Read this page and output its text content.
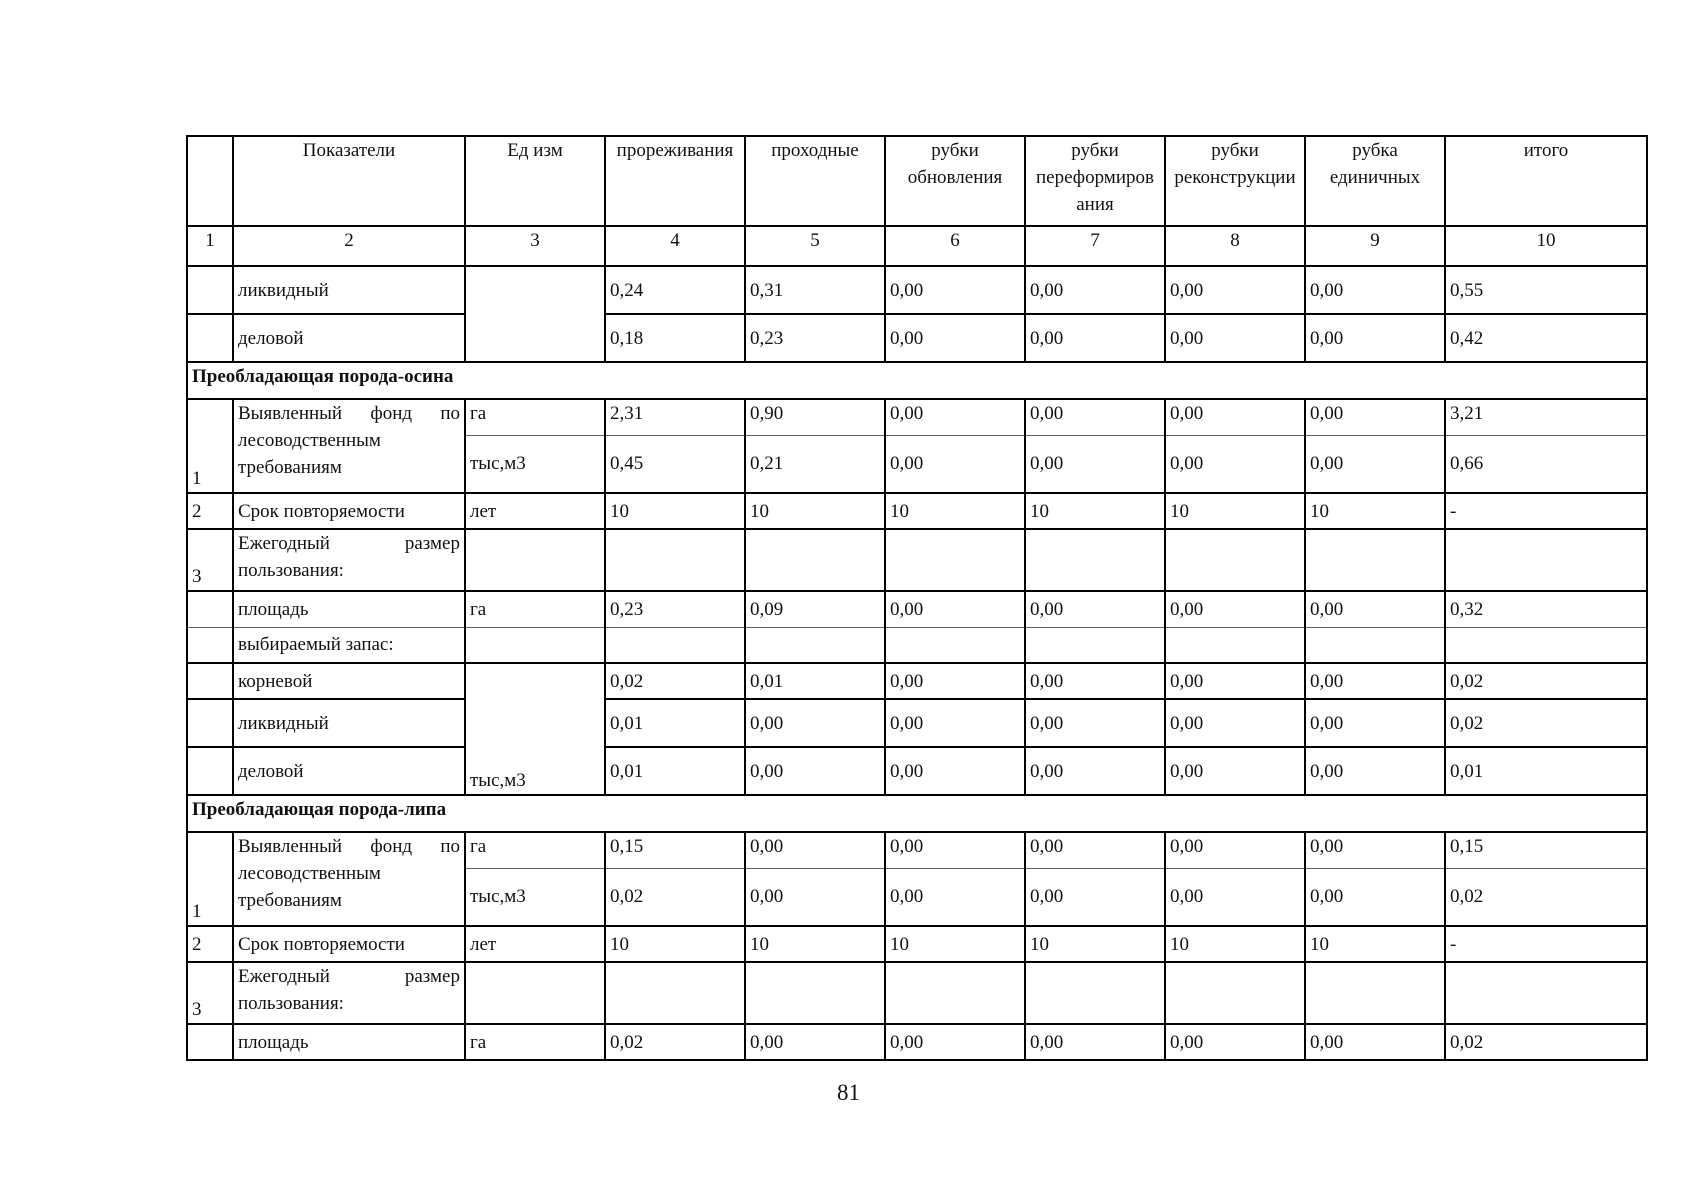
	Показатели	Ед изм	прореживания	проходные	рубки обновления	рубки переформиров ания	рубки реконструкции	рубка единичных	итого
1	2	3	4	5	6	7	8	9	10
	ликвидный		0,24	0,31	0,00	0,00	0,00	0,00	0,55
	деловой		0,18	0,23	0,00	0,00	0,00	0,00	0,42
Преобладающая порода-осина									
1	Выявленный фонд по лесоводственным требованиям	га	2,31	0,90	0,00	0,00	0,00	0,00	3,21
		тыс,м3	0,45	0,21	0,00	0,00	0,00	0,00	0,66
2	Срок повторяемости	лет	10	10	10	10	10	10	-
3	Ежегодный размер пользования:								
	площадь	га	0,23	0,09	0,00	0,00	0,00	0,00	0,32
	выбираемый запас:								
	корневой	тыс,м3	0,02	0,01	0,00	0,00	0,00	0,00	0,02
	ликвидный		0,01	0,00	0,00	0,00	0,00	0,00	0,02
	деловой		0,01	0,00	0,00	0,00	0,00	0,00	0,01
Преобладающая порода-липа									
1	Выявленный фонд по лесоводственным требованиям	га	0,15	0,00	0,00	0,00	0,00	0,00	0,15
		тыс,м3	0,02	0,00	0,00	0,00	0,00	0,00	0,02
2	Срок повторяемости	лет	10	10	10	10	10	10	-
3	Ежегодный размер пользования:								
	площадь	га	0,02	0,00	0,00	0,00	0,00	0,00	0,02
81
